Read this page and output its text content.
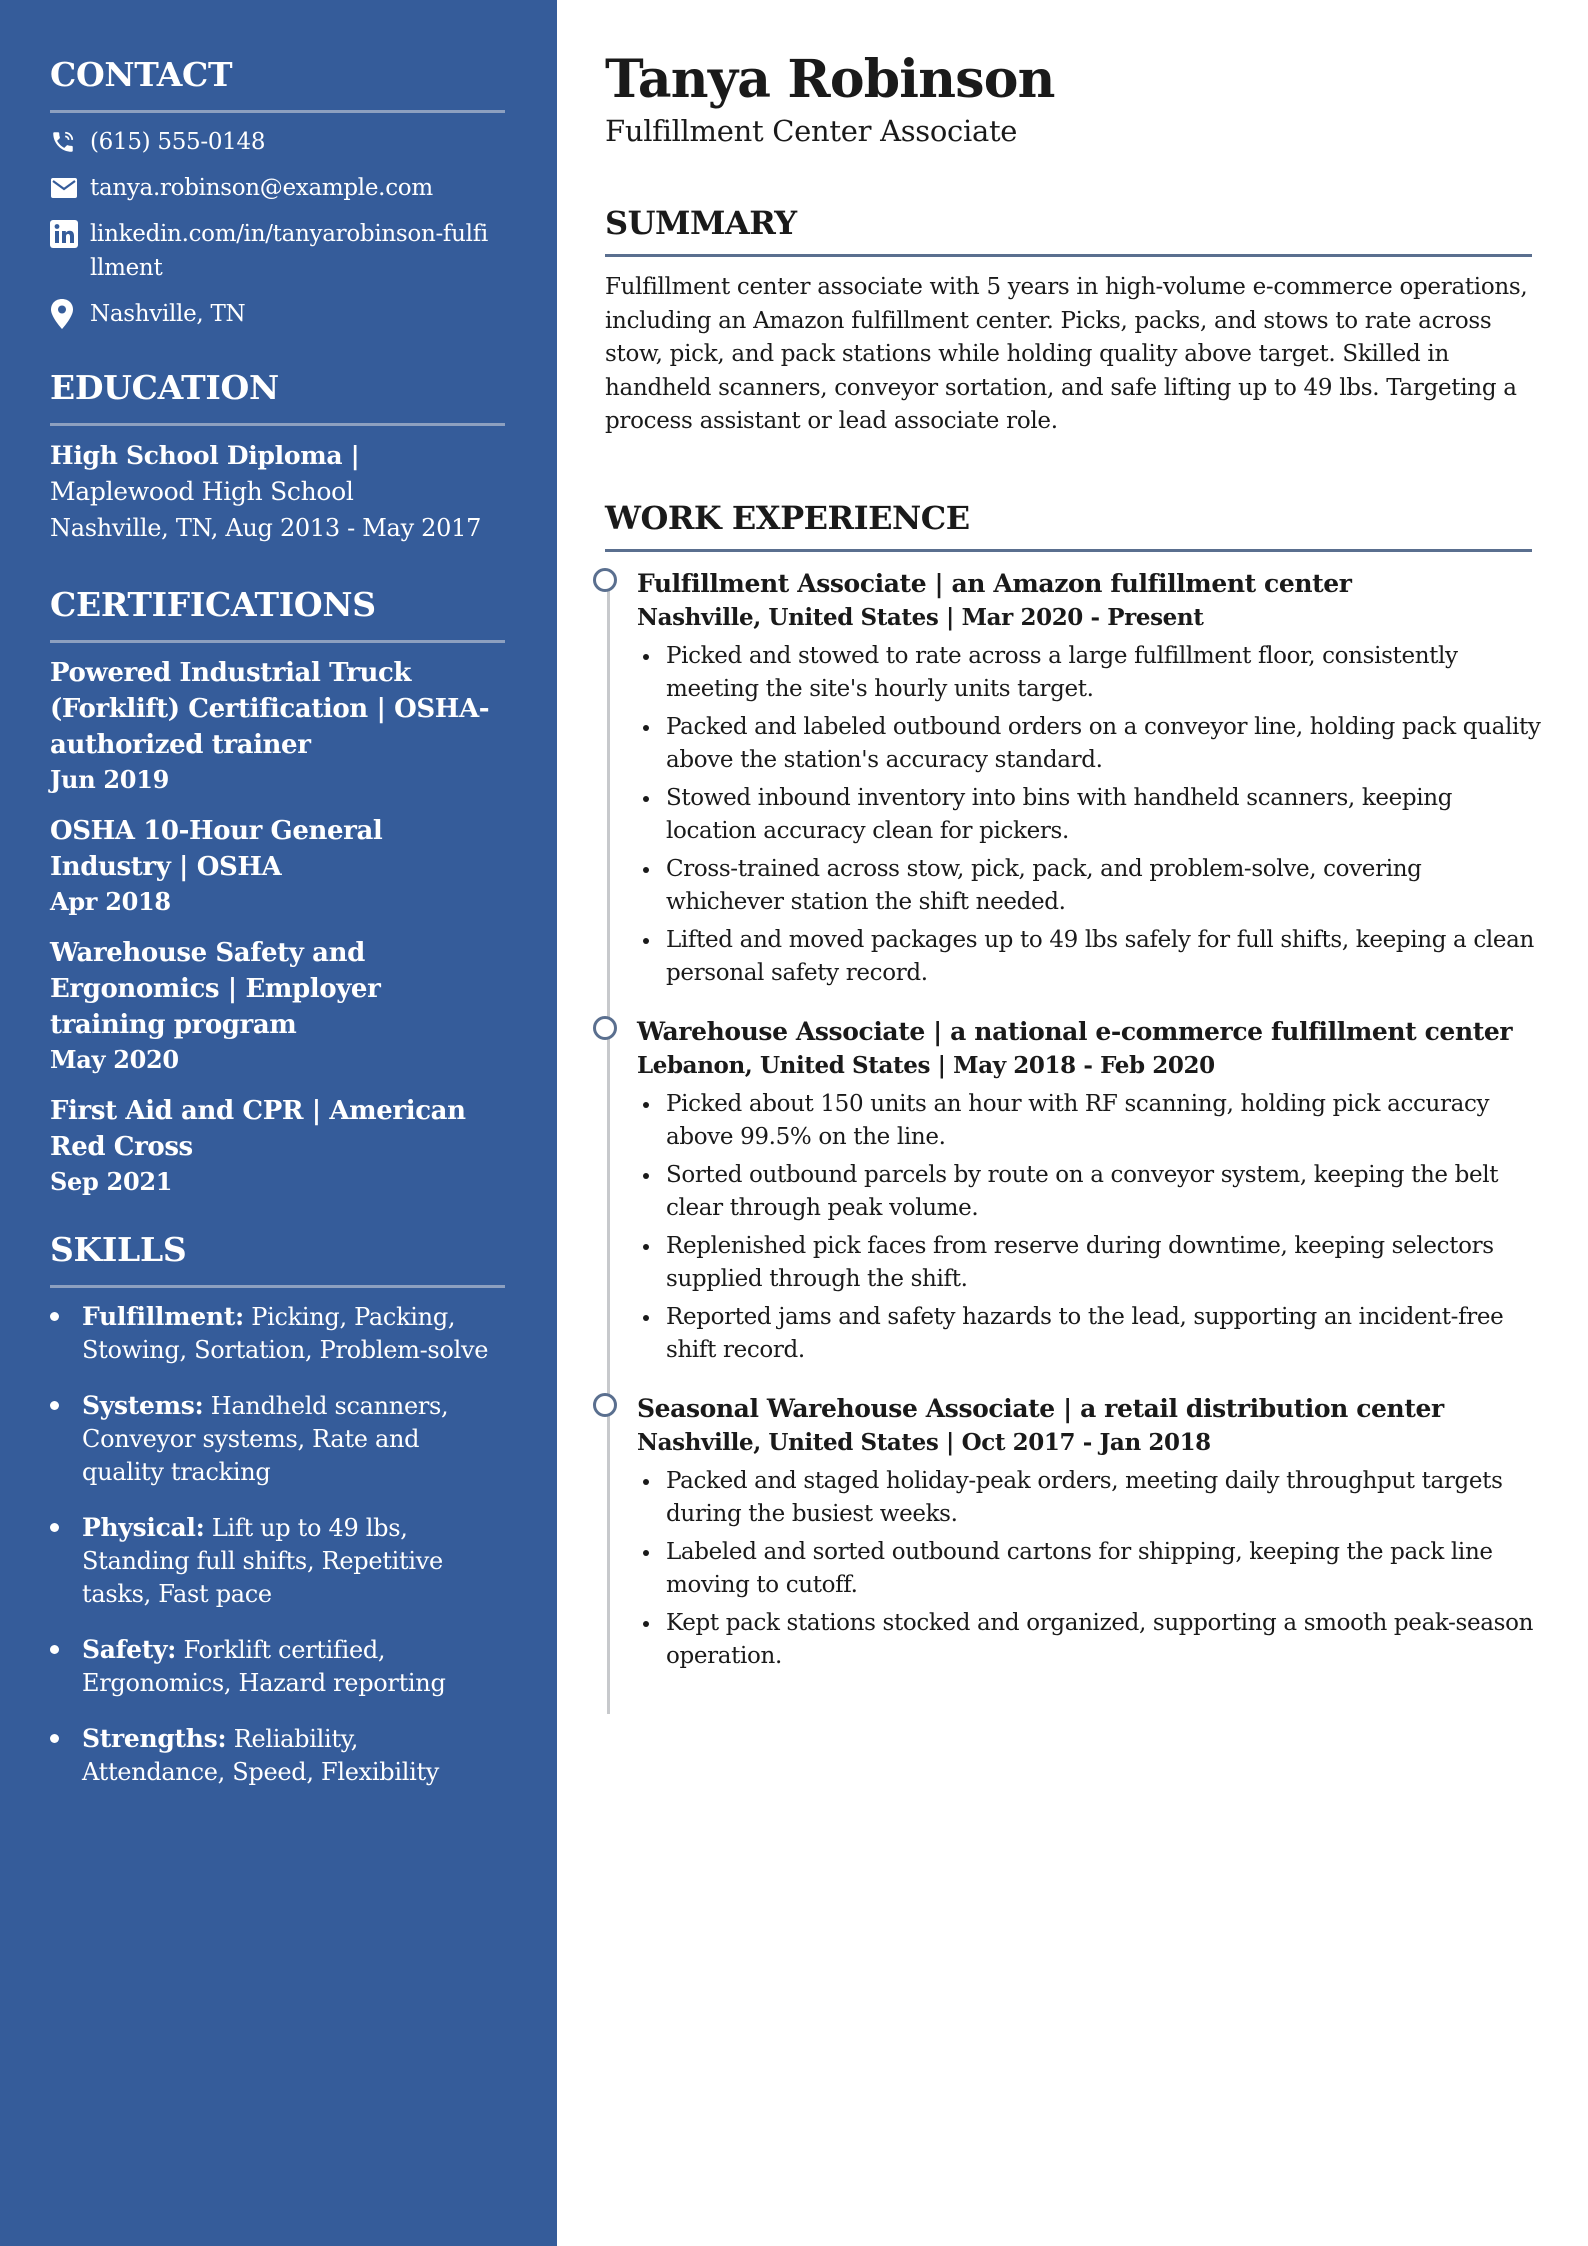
CONTACT
(615) 555-0148
tanya.robinson@example.com
linkedin.com/in/tanyarobinson-fulfillment
Nashville, TN
EDUCATION
High School Diploma | Maplewood High School
Nashville, TN, Aug 2013 - May 2017
CERTIFICATIONS
Powered Industrial Truck (Forklift) Certification | OSHA-authorized trainer
Jun 2019
OSHA 10-Hour General Industry | OSHA
Apr 2018
Warehouse Safety and Ergonomics | Employer training program
May 2020
First Aid and CPR | American Red Cross
Sep 2021
SKILLS
Fulfillment: Picking, Packing, Stowing, Sortation, Problem-solve
Systems: Handheld scanners, Conveyor systems, Rate and quality tracking
Physical: Lift up to 49 lbs, Standing full shifts, Repetitive tasks, Fast pace
Safety: Forklift certified, Ergonomics, Hazard reporting
Strengths: Reliability, Attendance, Speed, Flexibility
Tanya Robinson

Fulfillment Center Associate

SUMMARY

Fulfillment center associate with 5 years in high-volume e-commerce operations, including an Amazon fulfillment center. Picks, packs, and stows to rate across stow, pick, and pack stations while holding quality above target. Skilled in handheld scanners, conveyor sortation, and safe lifting up to 49 lbs. Targeting a process assistant or lead associate role.

WORK EXPERIENCE
Fulfillment Associate | an Amazon fulfillment center
Nashville, United States | Mar 2020 - Present
Picked and stowed to rate across a large fulfillment floor, consistently meeting the site's hourly units target.
Packed and labeled outbound orders on a conveyor line, holding pack quality above the station's accuracy standard.
Stowed inbound inventory into bins with handheld scanners, keeping location accuracy clean for pickers.
Cross-trained across stow, pick, pack, and problem-solve, covering whichever station the shift needed.
Lifted and moved packages up to 49 lbs safely for full shifts, keeping a clean personal safety record.
Warehouse Associate | a national e-commerce fulfillment center
Lebanon, United States | May 2018 - Feb 2020
Picked about 150 units an hour with RF scanning, holding pick accuracy above 99.5% on the line.
Sorted outbound parcels by route on a conveyor system, keeping the belt clear through peak volume.
Replenished pick faces from reserve during downtime, keeping selectors supplied through the shift.
Reported jams and safety hazards to the lead, supporting an incident-free shift record.
Seasonal Warehouse Associate | a retail distribution center
Nashville, United States | Oct 2017 - Jan 2018
Packed and staged holiday-peak orders, meeting daily throughput targets during the busiest weeks.
Labeled and sorted outbound cartons for shipping, keeping the pack line moving to cutoff.
Kept pack stations stocked and organized, supporting a smooth peak-season operation.
